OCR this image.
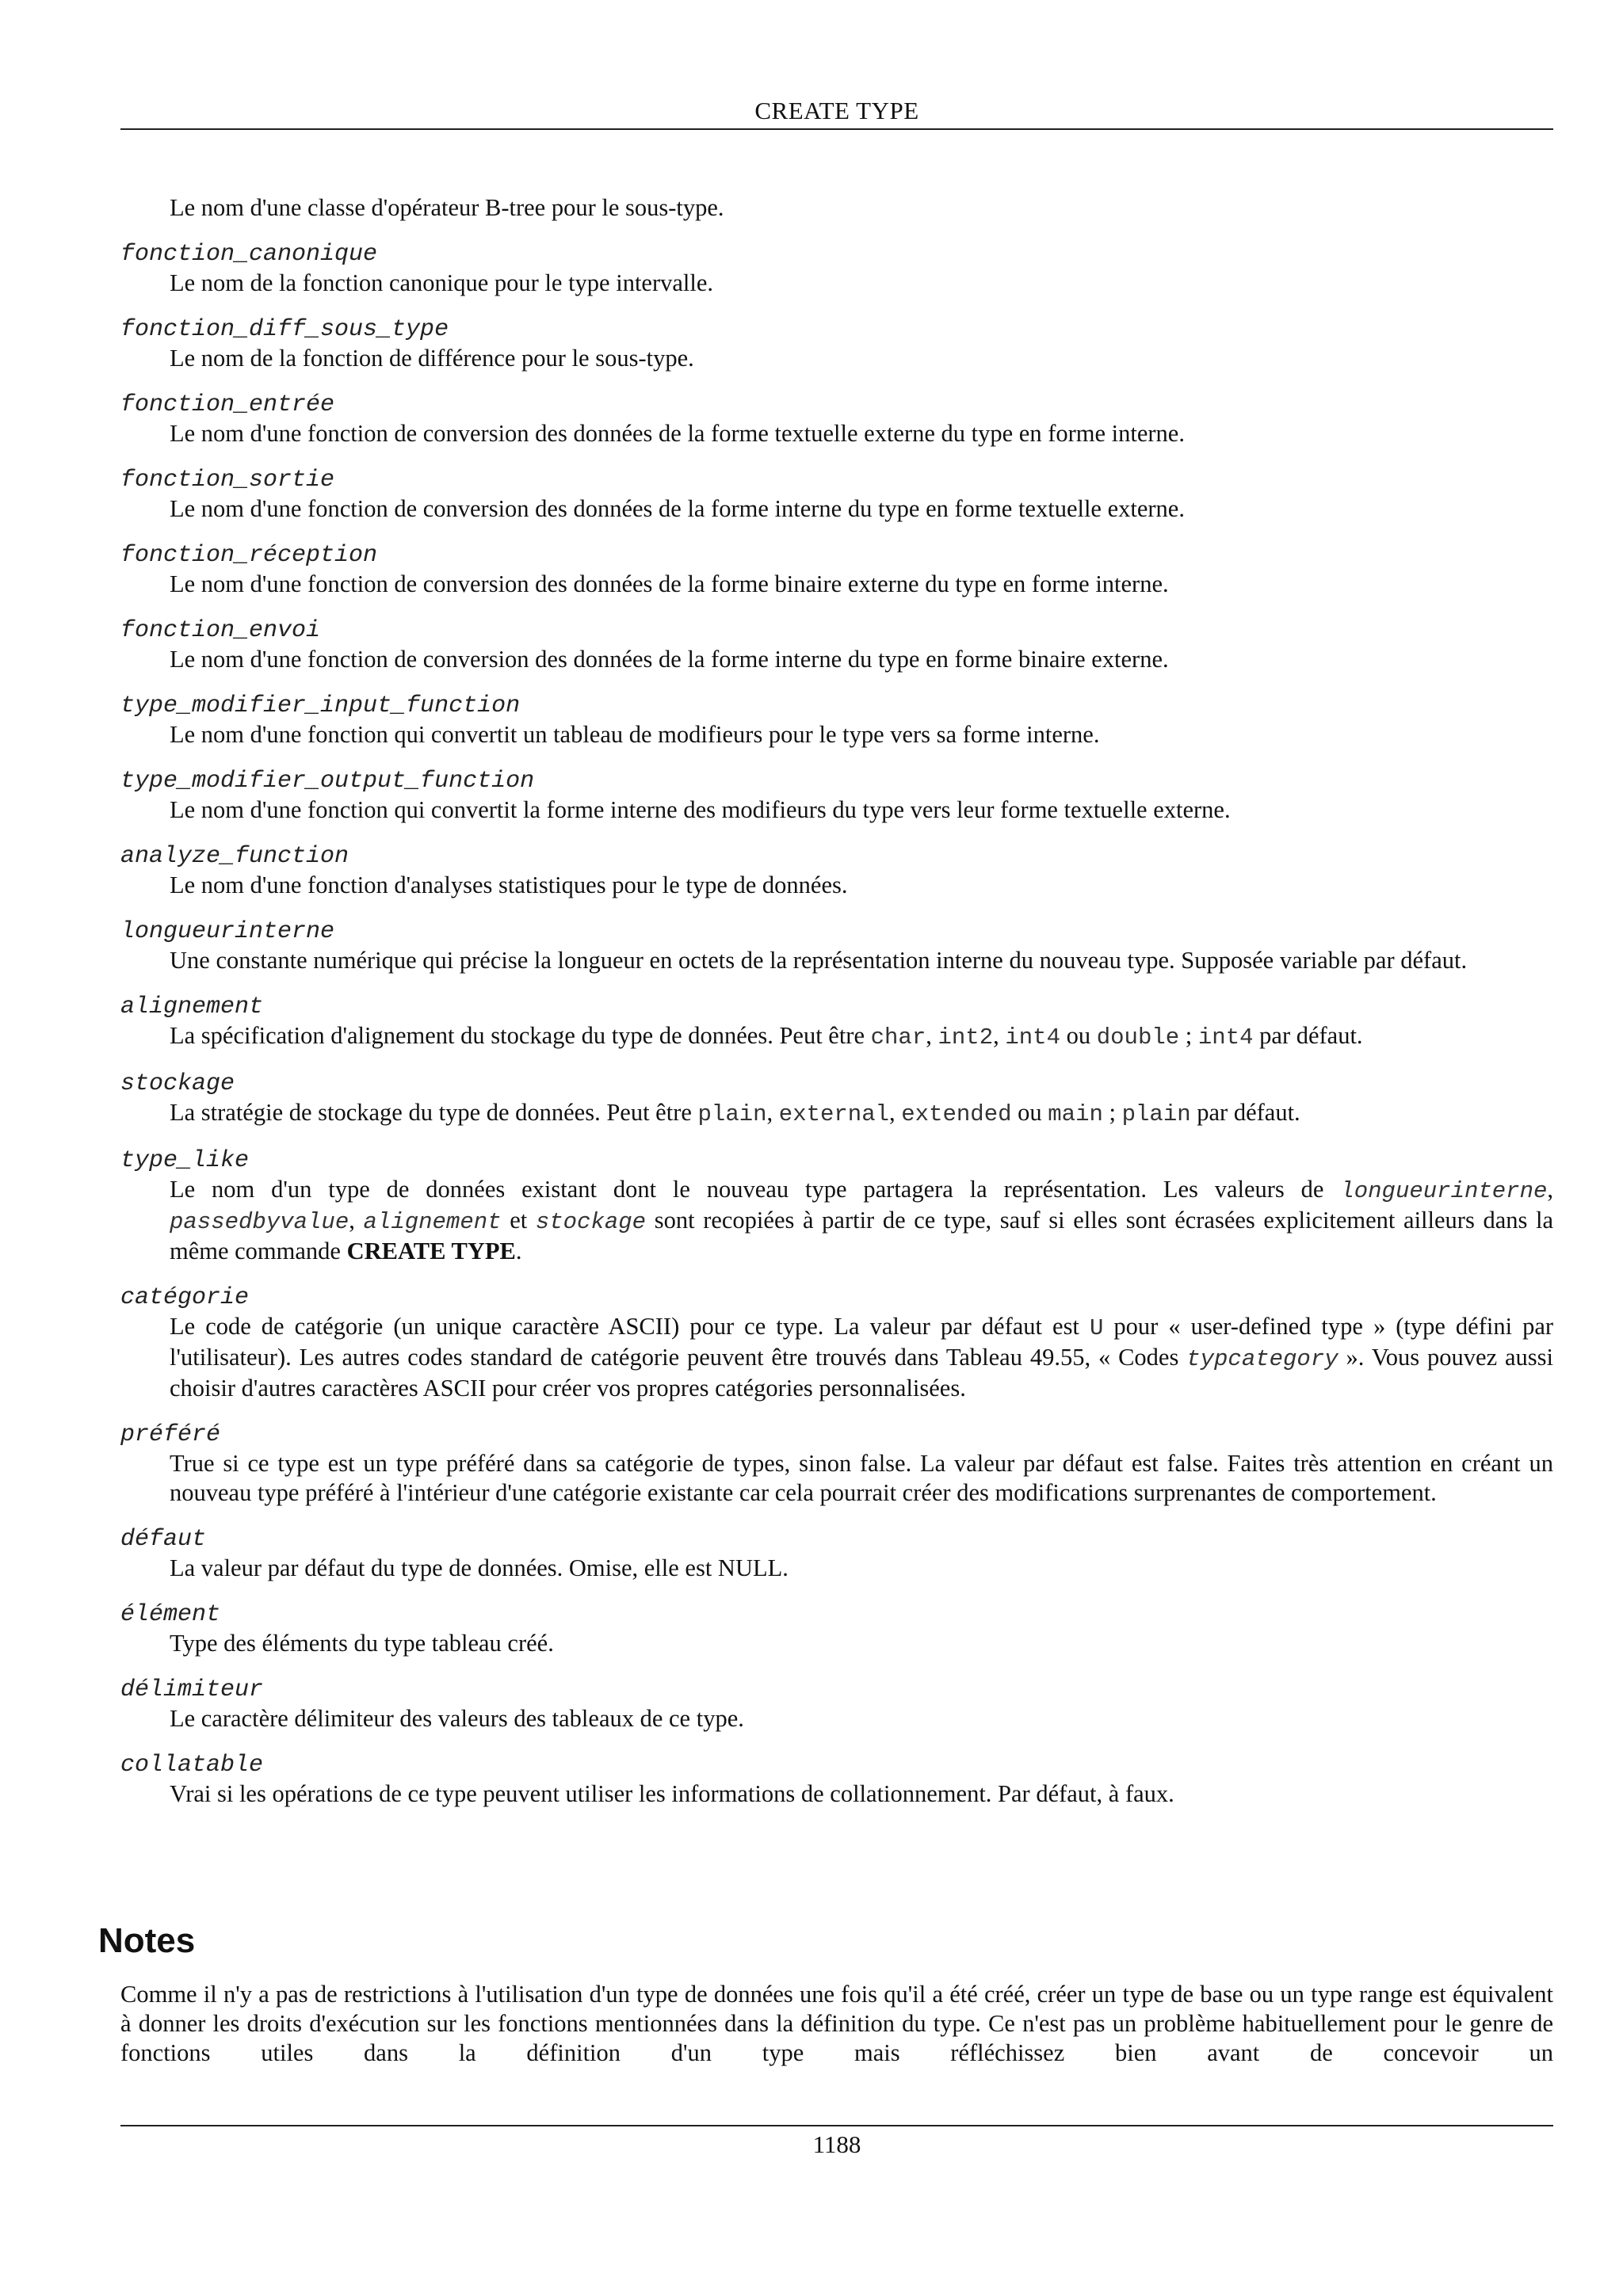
CREATE TYPE

Le nom d'une classe d'opérateur B-tree pour le sous-type.

fonction_canonique

Le nom de la fonction canonique pour le type intervalle.

fonction_diff_sous_type

Le nom de la fonction de différence pour le sous-type.

fonction_entrée

Le nom d'une fonction de conversion des données de la forme textuelle externe du type en forme interne.

fonction_sortie

Le nom d'une fonction de conversion des données de la forme interne du type en forme textuelle externe.

fonction_réception

Le nom d'une fonction de conversion des données de la forme binaire externe du type en forme interne.

fonction_envoi

Le nom d'une fonction de conversion des données de la forme interne du type en forme binaire externe.

type_modifier_input_function

Le nom d'une fonction qui convertit un tableau de modifieurs pour le type vers sa forme interne.

type_modifier_output_function

Le nom d'une fonction qui convertit la forme interne des modifieurs du type vers leur forme textuelle externe.

analyze_function

Le nom d'une fonction d'analyses statistiques pour le type de données.

longueurinterne

Une constante numérique qui précise la longueur en octets de la représentation interne du nouveau type. Supposée variable par défaut.

alignement

La spécification d'alignement du stockage du type de données. Peut être char, int2, int4 ou double ; int4 par défaut.

stockage

La stratégie de stockage du type de données. Peut être plain, external, extended ou main ; plain par défaut.

type_like

Le nom d'un type de données existant dont le nouveau type partagera la représentation. Les valeurs de longueurinterne, passedbyvalue, alignement et stockage sont recopiées à partir de ce type, sauf si elles sont écrasées explicitement ailleurs dans la même commande CREATE TYPE.

catégorie

Le code de catégorie (un unique caractère ASCII) pour ce type. La valeur par défaut est U pour « user-defined type » (type défini par l'utilisateur). Les autres codes standard de catégorie peuvent être trouvés dans Tableau 49.55, « Codes typcategory ». Vous pouvez aussi choisir d'autres caractères ASCII pour créer vos propres catégories personnalisées.

préféré

True si ce type est un type préféré dans sa catégorie de types, sinon false. La valeur par défaut est false. Faites très attention en créant un nouveau type préféré à l'intérieur d'une catégorie existante car cela pourrait créer des modifications surprenantes de comportement.

défaut

La valeur par défaut du type de données. Omise, elle est NULL.

élément

Type des éléments du type tableau créé.

délimiteur

Le caractère délimiteur des valeurs des tableaux de ce type.

collatable

Vrai si les opérations de ce type peuvent utiliser les informations de collationnement. Par défaut, à faux.

Notes

Comme il n'y a pas de restrictions à l'utilisation d'un type de données une fois qu'il a été créé, créer un type de base ou un type range est équivalent à donner les droits d'exécution sur les fonctions mentionnées dans la définition du type. Ce n'est pas un problème habituellement pour le genre de fonctions utiles dans la définition d'un type mais réfléchissez bien avant de concevoir un

1188
